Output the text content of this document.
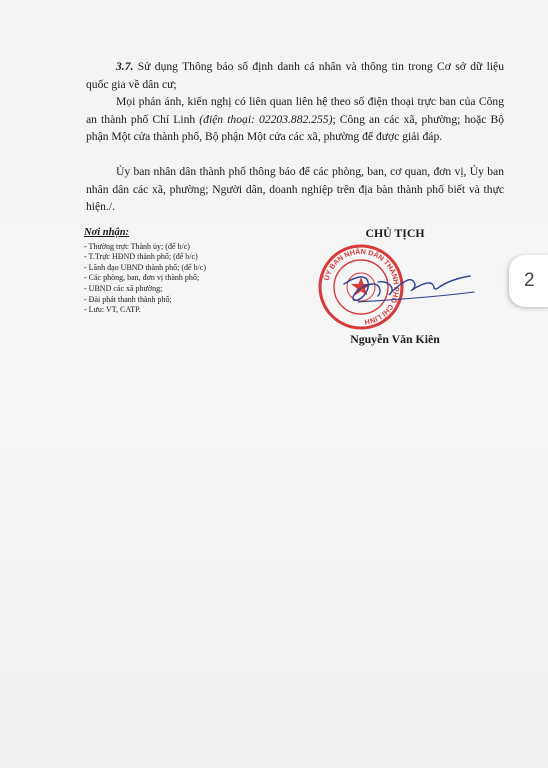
3.7. Sử dụng Thông báo số định danh cá nhân và thông tin trong Cơ sở dữ liệu quốc gia về dân cư;

Mọi phản ánh, kiến nghị có liên quan liên hệ theo số điện thoại trực ban của Công an thành phố Chí Linh (điện thoại: 02203.882.255); Công an các xã, phường; hoặc Bộ phận Một cửa thành phố, Bộ phận Một cửa các xã, phường để được giải đáp.

Ủy ban nhân dân thành phố thông báo để các phòng, ban, cơ quan, đơn vị, Ủy ban nhân dân các xã, phường; Người dân, doanh nghiệp trên địa bàn thành phố biết và thực hiện./.

Nơi nhận:
- Thường trực Thành ủy; (để b/c)
- T.Trực HĐND thành phố; (để b/c)
- Lãnh đạo UBND thành phố; (để b/c)
- Các phòng, ban, đơn vị thành phố;
- UBND các xã phường;
- Đài phát thanh thành phố;
- Lưu: VT, CATP.
CHỦ TỊCH
ỦY BAN NHÂN DÂN THÀNH PHỐ CHÍ LINH
Nguyễn Văn Kiên
2
